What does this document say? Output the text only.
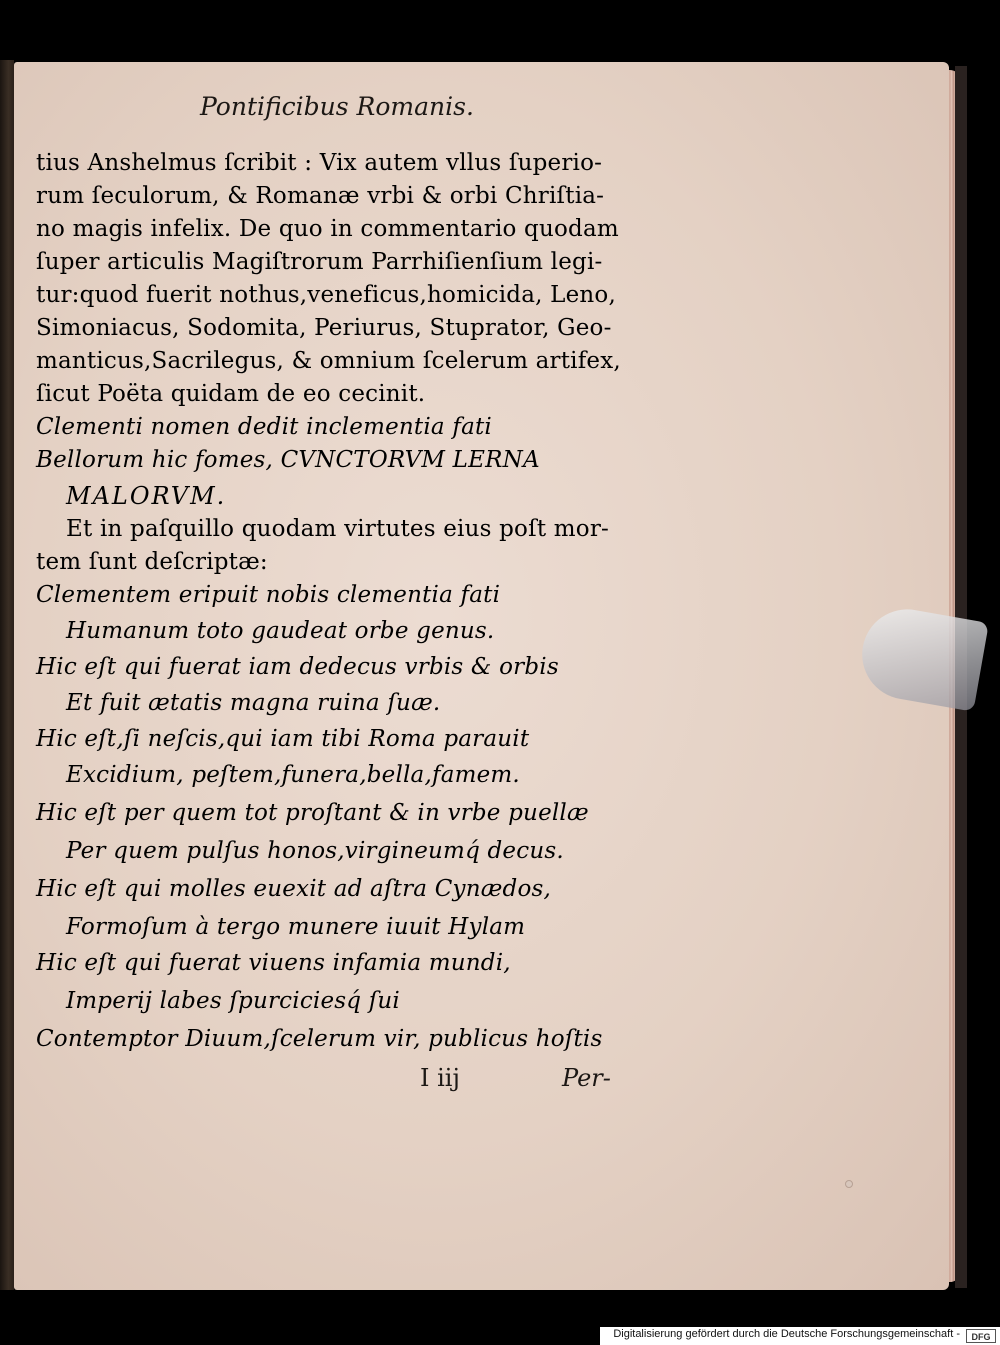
Pontificibus Romanis.
tius Anshelmus ſcribit : Vix autem vllus ſuperio-
rum ſeculorum, & Romanæ vrbi & orbi Chriſtia-
no magis infelix. De quo in commentario quodam
ſuper articulis Magiſtrorum Parrhiſienſium legi-
tur:quod fuerit nothus,veneficus,homicida, Leno,
Simoniacus, Sodomita, Periurus, Stuprator, Geo-
manticus,Sacrilegus, & omnium ſcelerum artifex,
ſicut Poëta quidam de eo cecinit.
Clementi nomen dedit inclementia fati
Bellorum hic fomes, CVNCTORVM LERNA
MALORVM.
Et in paſquillo quodam virtutes eius poſt mor-
tem ſunt deſcriptæ:
Clementem eripuit nobis clementia fati
Humanum toto gaudeat orbe genus.
Hic eſt qui fuerat iam dedecus vrbis & orbis
Et fuit ætatis magna ruina ſuæ.
Hic eſt,ſi neſcis,qui iam tibi Roma parauit
Excidium, peſtem,funera,bella,famem.
Hic eſt per quem tot proſtant & in vrbe puellæ
Per quem pulſus honos,virgineumq́ decus.
Hic eſt qui molles euexit ad aſtra Cynædos,
Formoſum à tergo munere iuuit Hylam
Hic eſt qui fuerat viuens infamia mundi,
Imperij labes ſpurciciesq́ ſui
Contemptor Diuum,ſcelerum vir, publicus hoſtis
I iij	Per-
Digitalisierung gefördert durch die Deutsche Forschungsgemeinschaft -	DFG
